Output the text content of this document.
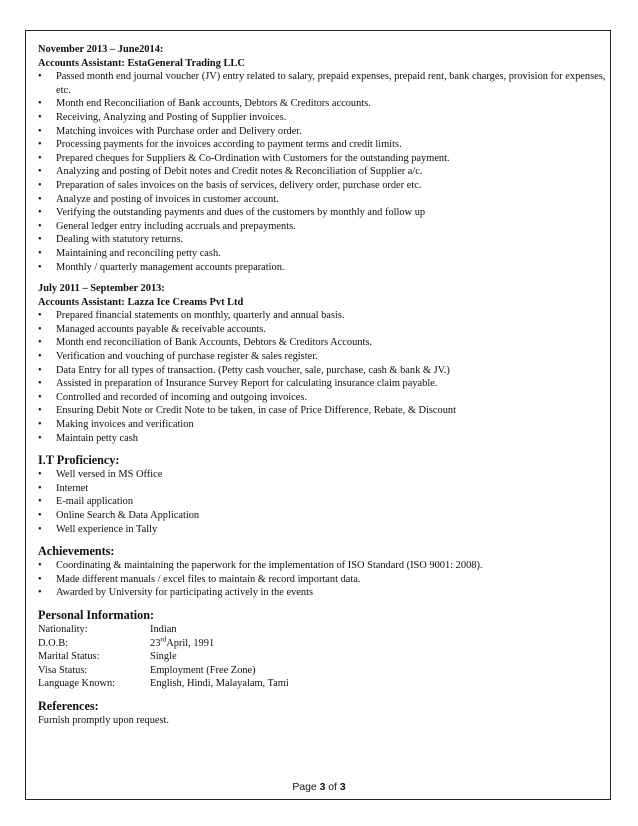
November 2013 – June2014:
Accounts Assistant: EstaGeneral Trading LLC
• Passed month end journal voucher (JV) entry related to salary, prepaid expenses, prepaid rent, bank charges, provision for expenses, etc.
• Month end Reconciliation of Bank accounts, Debtors & Creditors accounts.
• Receiving, Analyzing and Posting of Supplier invoices.
• Matching invoices with Purchase order and Delivery order.
• Processing payments for the invoices according to payment terms and credit limits.
• Prepared cheques for Suppliers & Co-Ordination with Customers for the outstanding payment.
• Analyzing and posting of Debit notes and Credit notes & Reconciliation of Supplier a/c.
• Preparation of sales invoices on the basis of services, delivery order, purchase order etc.
• Analyze and posting of invoices in customer account.
• Verifying the outstanding payments and dues of the customers by monthly and follow up
• General ledger entry including accruals and prepayments.
• Dealing with statutory returns.
• Maintaining and reconciling petty cash.
• Monthly / quarterly management accounts preparation.
July 2011 – September 2013:
Accounts Assistant: Lazza Ice Creams Pvt Ltd
• Prepared financial statements on monthly, quarterly and annual basis.
• Managed accounts payable & receivable accounts.
• Month end reconciliation of Bank Accounts, Debtors & Creditors Accounts.
• Verification and vouching of purchase register & sales register.
• Data Entry for all types of transaction. (Petty cash voucher, sale, purchase, cash & bank & JV.)
• Assisted in preparation of Insurance Survey Report for calculating insurance claim payable.
• Controlled and recorded of incoming and outgoing invoices.
• Ensuring Debit Note or Credit Note to be taken, in case of Price Difference, Rebate, & Discount
• Making invoices and verification
• Maintain petty cash
I.T Proficiency:
• Well versed in MS Office
• Internet
• E-mail application
• Online Search & Data Application
• Well experience in Tally
Achievements:
• Coordinating & maintaining the paperwork for the implementation of ISO Standard (ISO 9001: 2008).
• Made different manuals / excel files to maintain & record important data.
• Awarded by University for participating actively in the events
Personal Information:
Nationality:	Indian
D.O.B:	23rdApril, 1991
Marital Status:	Single
Visa Status:	Employment (Free Zone)
Language Known:	English, Hindi, Malayalam, Tami
References:
Furnish promptly upon request.
Page 3 of 3
